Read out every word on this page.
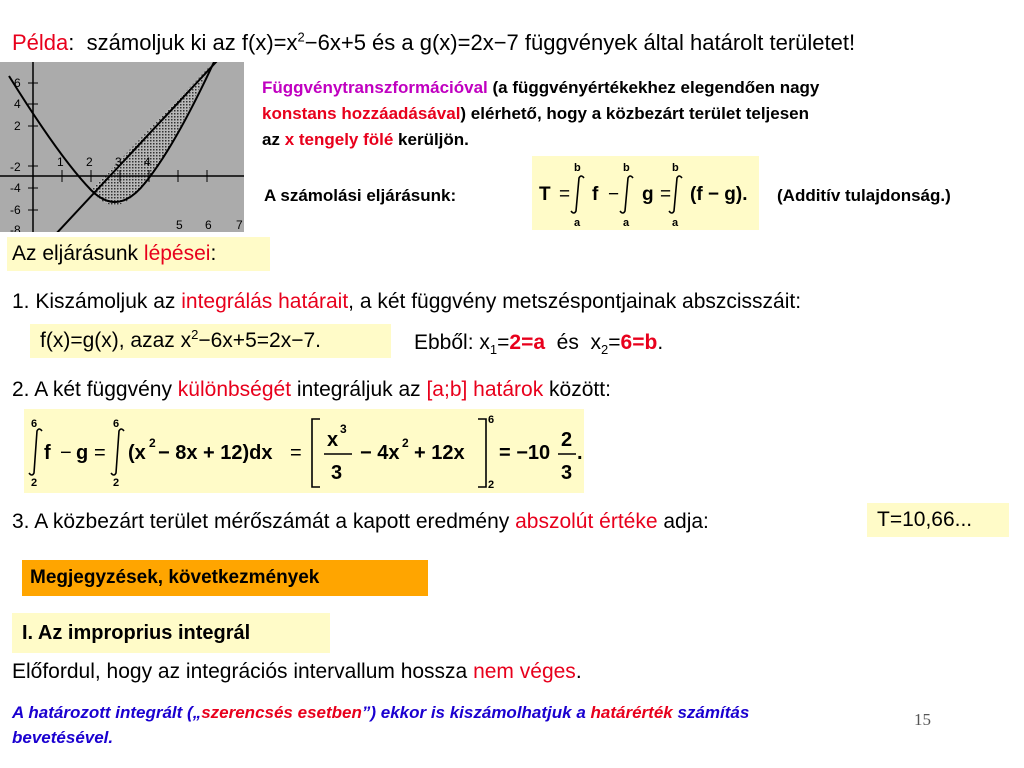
Példa: számoljuk ki az $f(x)=x^2-6x+5$ és a g(x)=2x−7 függvények által határolt területet!
6
4
2
-2
-4
-6
-8
1 2 3 4
5 6 7
Függvénytranszformációval (a függvényértékekhez elegendően nagy
konstans hozzáadásával) elérhető, hogy a közbezárt terület teljesen
az x tengely fölé kerüljön.
A számolási eljárásunk:	T = f − g = (f − g).
b
a
b
a
b
a
(Additív tulajdonság.)
Az eljárásunk lépései:
1. Kiszámoljuk az integrálás határait, a két függvény metszéspontjainak abszcisszáit:
f(x)=g(x), azaz $x^2-6x+5=2x-7$.	Ebből: $x_1=2=a$  és  $x_2=6=b$.
2. A két függvény különbségét integráljuk az [a;b] határok között:
6
2
6
2
6
2
f − g = (x 2 − 8x + 12)dx =
x 3
3
− 4x 2 + 12x = −10
2
3
.
3. A közbezárt terület mérőszámát a kapott eredmény abszolút értéke adja:	T=10,66...
Megjegyzések, következmények
I. Az improprius integrál
Előfordul, hogy az integrációs intervallum hossza nem véges.
A határozott integrált („szerencsés esetben”) ekkor is kiszámolhatjuk a határérték számítás
bevetésével.
15
